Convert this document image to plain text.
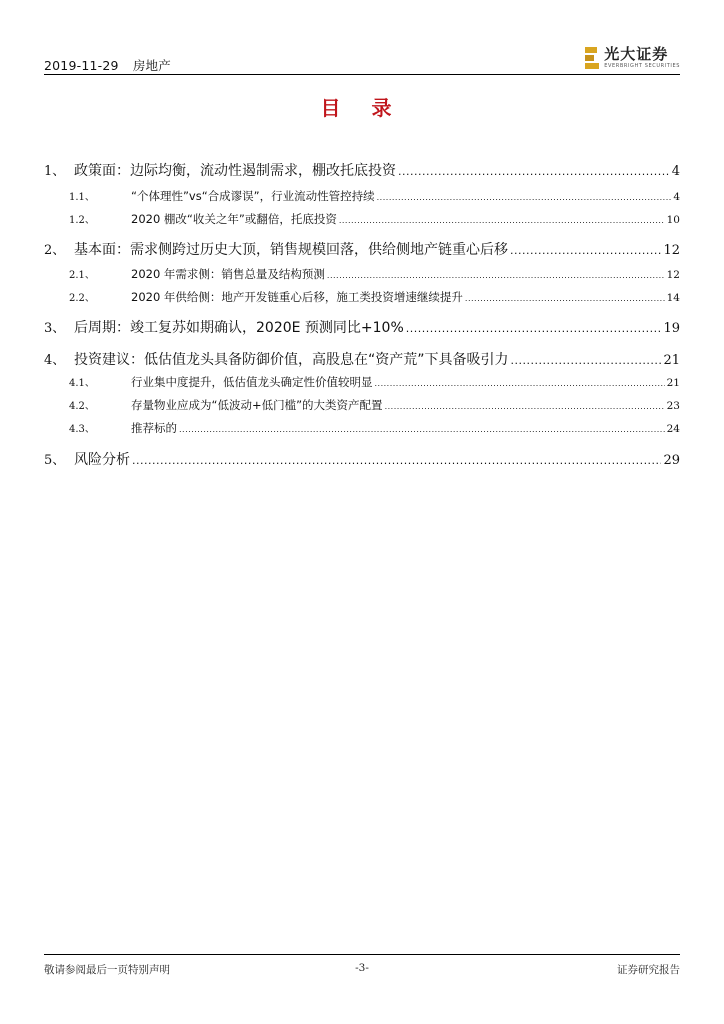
2019-11-29 房地产
光大证券
EVERBRIGHT SECURITIES
目 录
1、 政策面：边际均衡，流动性遏制需求，棚改托底投资 .....	4
1.1、	“个体理性”vs“合成谬误”，行业流动性管控持续 .....	4
1.2、	2020 棚改“收关之年”或翻倍，托底投资 .....	10
2、 基本面：需求侧跨过历史大顶，销售规模回落，供给侧地产链重心后移 .....	12
2.1、	2020 年需求侧：销售总量及结构预测 .....	12
2.2、	2020 年供给侧：地产开发链重心后移，施工类投资增速继续提升 .....	14
3、 后周期：竣工复苏如期确认，2020E 预测同比+10% .....	19
4、 投资建议：低估值龙头具备防御价值，高股息在“资产荒”下具备吸引力 .....	21
4.1、	行业集中度提升，低估值龙头确定性价值较明显 .....	21
4.2、	存量物业应成为“低波动+低门槛”的大类资产配置 .....	23
4.3、	推荐标的 .....	24
5、 风险分析 .....	29
敬请参阅最后一页特别声明	-3-	证券研究报告
